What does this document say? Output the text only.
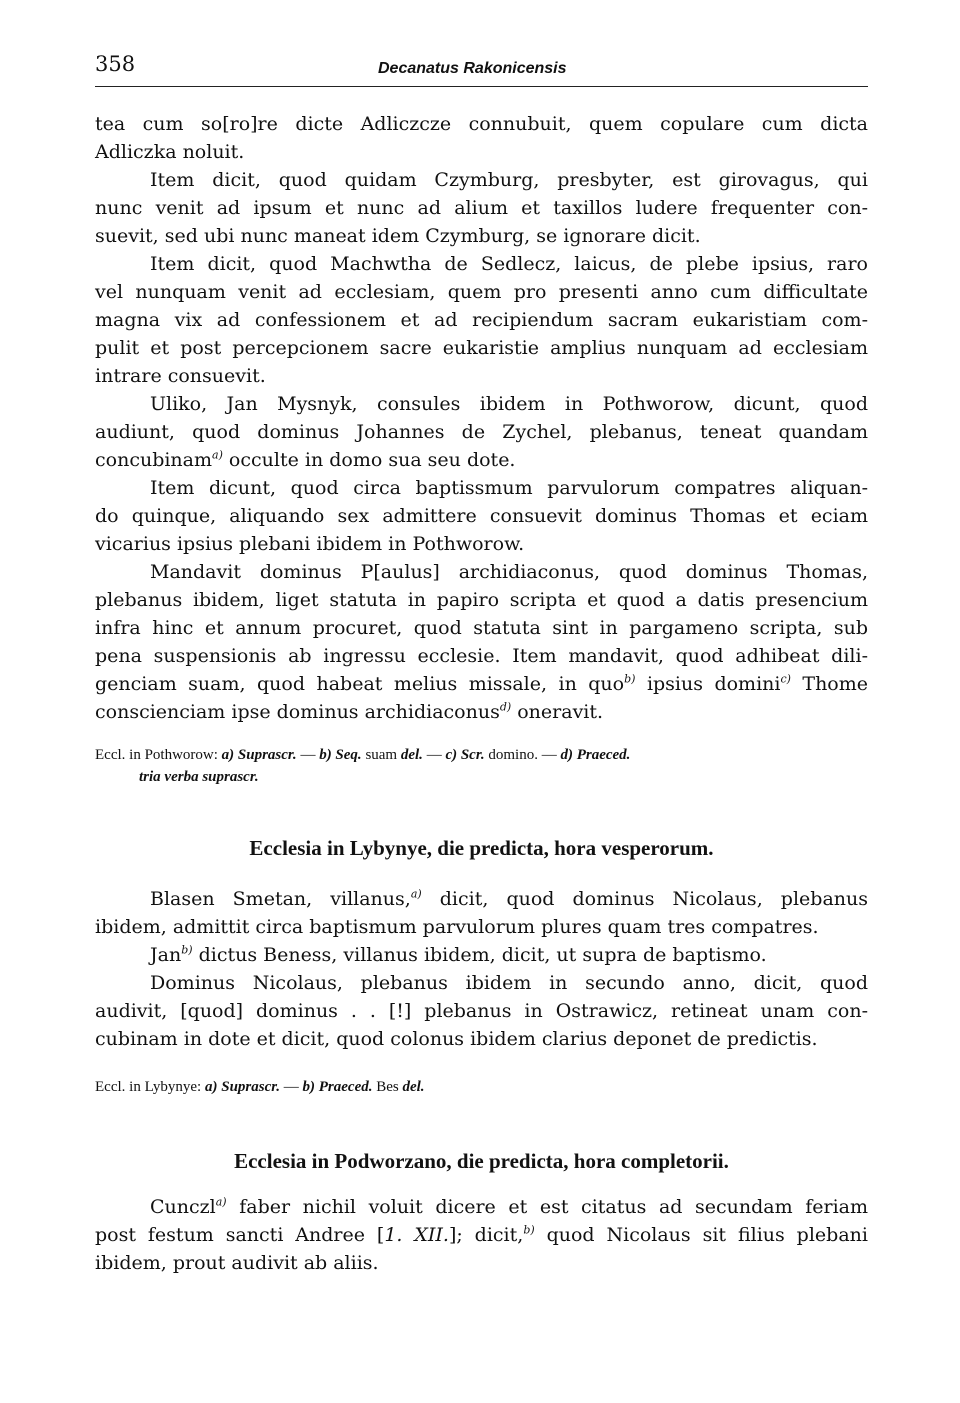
358	Decanatus Rakonicensis
tea cum so[ro]re dicte Adliczcze connubuit, quem copulare cum dicta
Adliczka noluit.
Item dicit, quod quidam Czymburg, presbyter, est girovagus, qui
nunc venit ad ipsum et nunc ad alium et taxillos ludere frequenter con-
suevit, sed ubi nunc maneat idem Czymburg, se ignorare dicit.
Item dicit, quod Machwtha de Sedlecz, laicus, de plebe ipsius, raro
vel nunquam venit ad ecclesiam, quem pro presenti anno cum difficultate
magna vix ad confessionem et ad recipiendum sacram eukaristiam com-
pulit et post percepcionem sacre eukaristie amplius nunquam ad ecclesiam
intrare consuevit.
Uliko, Jan Mysnyk, consules ibidem in Pothworow, dicunt, quod
audiunt, quod dominus Johannes de Zychel, plebanus, teneat quandam
concubinam$^{a)}$ occulte in domo sua seu dote.
Item dicunt, quod circa baptissmum parvulorum compatres aliquan-
do quinque, aliquando sex admittere consuevit dominus Thomas et eciam
vicarius ipsius plebani ibidem in Pothworow.
Mandavit dominus P[aulus] archidiaconus, quod dominus Thomas,
plebanus ibidem, liget statuta in papiro scripta et quod a datis presencium
infra hinc et annum procuret, quod statuta sint in pargameno scripta, sub
pena suspensionis ab ingressu ecclesie. Item mandavit, quod adhibeat dili-
genciam suam, quod habeat melius missale, in quo$^{b)}$ ipsius domini$^{c)}$ Thome
conscienciam ipse dominus archidiaconus$^{d)}$ oneravit.
Eccl. in Pothworow: a) Suprascr. — b) Seq. suam del. — c) Scr. domino. — d) Praeced.
tria verba suprascr.
Ecclesia in Lybynye, die predicta, hora vesperorum.
Blasen Smetan, villanus,$^{a)}$ dicit, quod dominus Nicolaus, plebanus
ibidem, admittit circa baptismum parvulorum plures quam tres compatres.
Jan$^{b)}$ dictus Beness, villanus ibidem, dicit, ut supra de baptismo.
Dominus Nicolaus, plebanus ibidem in secundo anno, dicit, quod
audivit, [quod] dominus . . [!] plebanus in Ostrawicz, retineat unam con-
cubinam in dote et dicit, quod colonus ibidem clarius deponet de predictis.
Eccl. in Lybynye: a) Suprascr. — b) Praeced. Bes del.
Ecclesia in Podworzano, die predicta, hora completorii.
Cunczl$^{a)}$ faber nichil voluit dicere et est citatus ad secundam feriam
post festum sancti Andree [1. XII.]; dicit,$^{b)}$ quod Nicolaus sit filius plebani
ibidem, prout audivit ab aliis.
